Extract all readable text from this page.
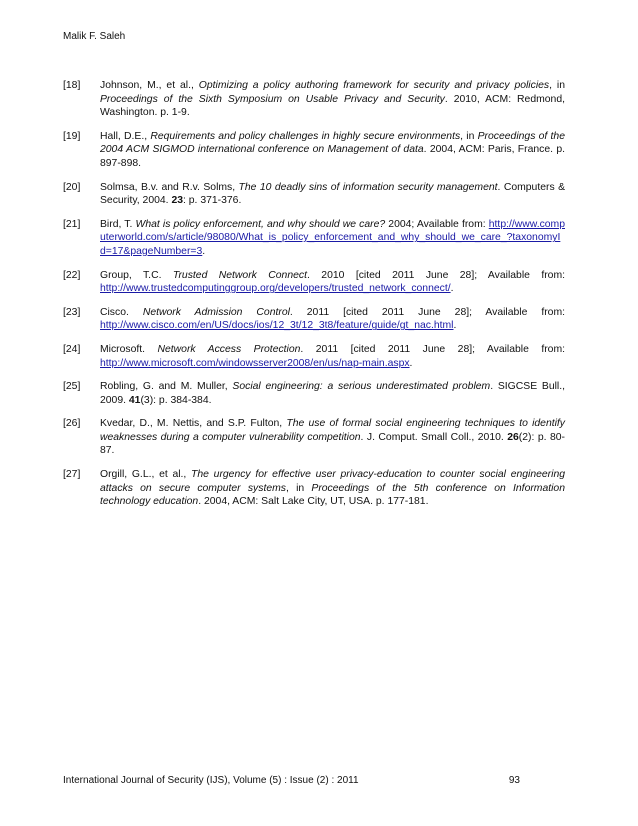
Malik F. Saleh
[18] Johnson, M., et al., Optimizing a policy authoring framework for security and privacy policies, in Proceedings of the Sixth Symposium on Usable Privacy and Security. 2010, ACM: Redmond, Washington. p. 1-9.
[19] Hall, D.E., Requirements and policy challenges in highly secure environments, in Proceedings of the 2004 ACM SIGMOD international conference on Management of data. 2004, ACM: Paris, France. p. 897-898.
[20] Solmsa, B.v. and R.v. Solms, The 10 deadly sins of information security management. Computers & Security, 2004. 23: p. 371-376.
[21] Bird, T. What is policy enforcement, and why should we care? 2004; Available from: http://www.computerworld.com/s/article/98080/What_is_policy_enforcement_and_why_should_we_care_?taxonomyId=17&pageNumber=3.
[22] Group, T.C. Trusted Network Connect. 2010 [cited 2011 June 28]; Available from: http://www.trustedcomputinggroup.org/developers/trusted_network_connect/.
[23] Cisco. Network Admission Control. 2011 [cited 2011 June 28]; Available from: http://www.cisco.com/en/US/docs/ios/12_3t/12_3t8/feature/guide/gt_nac.html.
[24] Microsoft. Network Access Protection. 2011 [cited 2011 June 28]; Available from: http://www.microsoft.com/windowsserver2008/en/us/nap-main.aspx.
[25] Robling, G. and M. Muller, Social engineering: a serious underestimated problem. SIGCSE Bull., 2009. 41(3): p. 384-384.
[26] Kvedar, D., M. Nettis, and S.P. Fulton, The use of formal social engineering techniques to identify weaknesses during a computer vulnerability competition. J. Comput. Small Coll., 2010. 26(2): p. 80-87.
[27] Orgill, G.L., et al., The urgency for effective user privacy-education to counter social engineering attacks on secure computer systems, in Proceedings of the 5th conference on Information technology education. 2004, ACM: Salt Lake City, UT, USA. p. 177-181.
International Journal of Security (IJS), Volume (5) : Issue (2) : 2011	93
